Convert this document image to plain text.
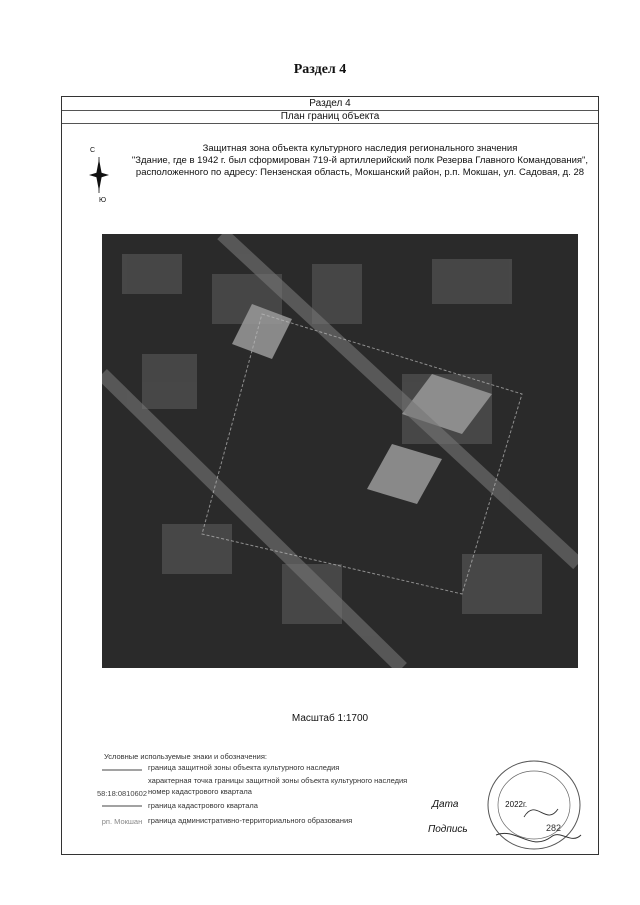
Раздел 4
Раздел 4
План границ объекта
С
Ю
Защитная зона объекта культурного наследия регионального значения
"Здание, где в 1942 г. был сформирован 719-й артиллерийский полк Резерва Главного Командования",
расположенного по адресу: Пензенская область, Мокшанский район, р.п. Мокшан, ул. Садовая, д. 28
Масштаб 1:1700
Условные используемые знаки и обозначения:
граница защитной зоны объекта культурного наследия
характерная точка границы защитной зоны объекта культурного наследия
58:18:0810602 номер кадастрового квартала
граница кадастрового квартала
рп. Мокшан граница административно-территориального образования
Дата	2022г.
Подпись	282
